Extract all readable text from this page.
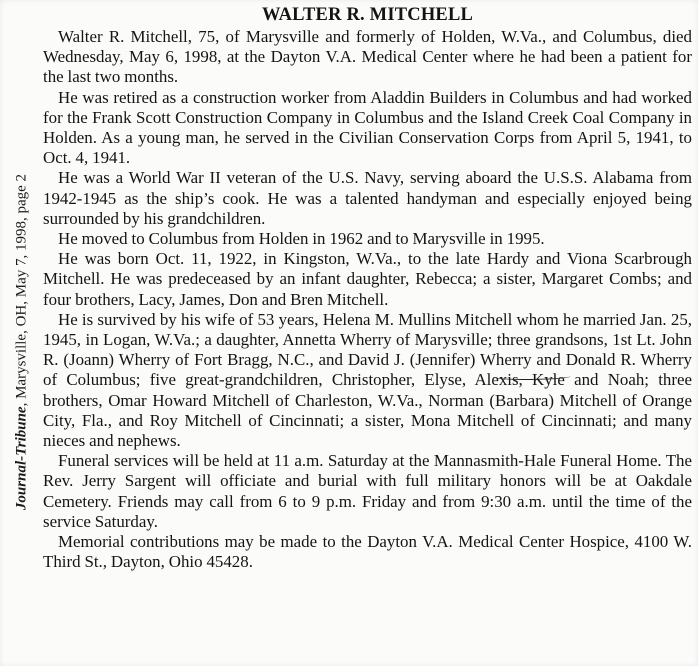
Journal-Tribune, Marysville, OH, May 7, 1998, page 2
WALTER R. MITCHELL

Walter R. Mitchell, 75, of Marysville and formerly of Holden, W.Va., and Columbus, died Wednesday, May 6, 1998, at the Dayton V.A. Medical Center where he had been a patient for the last two months.

He was retired as a construction worker from Aladdin Builders in Columbus and had worked for the Frank Scott Construction Company in Columbus and the Island Creek Coal Company in Holden. As a young man, he served in the Civilian Conservation Corps from April 5, 1941, to Oct. 4, 1941.

He was a World War II veteran of the U.S. Navy, serving aboard the U.S.S. Alabama from 1942-1945 as the ship’s cook. He was a talented handyman and especially enjoyed being surrounded by his grandchildren.

He moved to Columbus from Holden in 1962 and to Marysville in 1995.

He was born Oct. 11, 1922, in Kingston, W.Va., to the late Hardy and Viona Scarbrough Mitchell. He was predeceased by an infant daughter, Rebecca; a sister, Margaret Combs; and four brothers, Lacy, James, Don and Bren Mitchell.

He is survived by his wife of 53 years, Helena M. Mullins Mitchell whom he married Jan. 25, 1945, in Logan, W.Va.; a daughter, Annetta Wherry of Marysville; three grandsons, 1st Lt. John R. (Joann) Wherry of Fort Bragg, N.C., and David J. (Jennifer) Wherry and Donald R. Wherry of Columbus; five great-grandchildren, Christopher, Elyse, Alexis, Kyle and Noah; three brothers, Omar Howard Mitchell of Charleston, W.Va., Norman (Barbara) Mitchell of Orange City, Fla., and Roy Mitchell of Cincinnati; a sister, Mona Mitchell of Cincinnati; and many nieces and nephews.

Funeral services will be held at 11 a.m. Saturday at the Mannasmith-Hale Funeral Home. The Rev. Jerry Sargent will officiate and burial with full military honors will be at Oakdale Cemetery. Friends may call from 6 to 9 p.m. Friday and from 9:30 a.m. until the time of the service Saturday.

Memorial contributions may be made to the Dayton V.A. Medical Center Hospice, 4100 W. Third St., Dayton, Ohio 45428.
